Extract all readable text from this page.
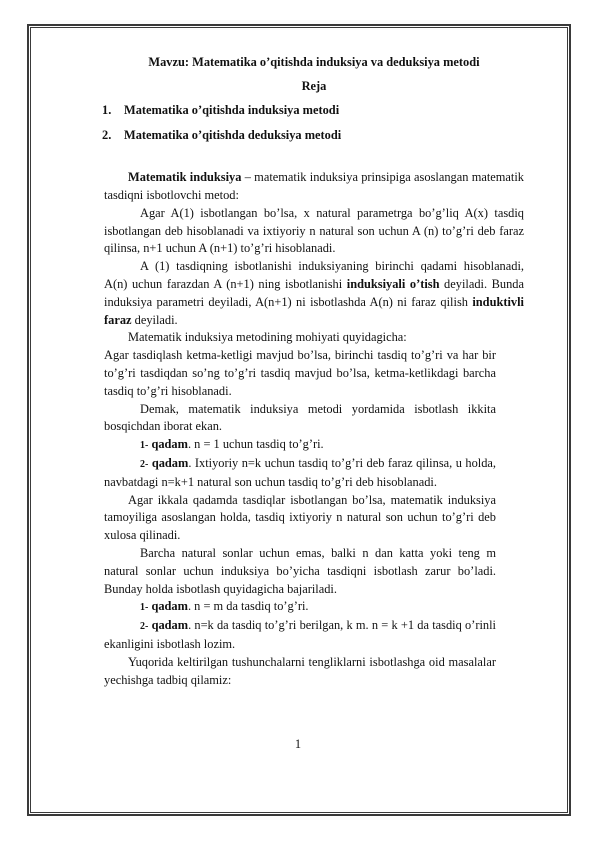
Mavzu: Matematika o’qitishda induksiya va deduksiya metodi
Reja
1.	Matematika o’qitishda induksiya metodi
2.	Matematika o’qitishda deduksiya metodi

Matematik induksiya – matematik induksiya prinsipiga asoslangan matematik tasdiqni isbotlovchi metod:

Agar A(1) isbotlangan bo’lsa, x natural parametrga bo’g’liq A(x) tasdiq isbotlangan deb hisoblanadi va ixtiyoriy n natural son uchun A (n) to’g’ri deb faraz qilinsa, n+1 uchun A (n+1) to’g’ri hisoblanadi.

A (1) tasdiqning isbotlanishi induksiyaning birinchi qadami hisoblanadi, A(n) uchun farazdan A (n+1) ning isbotlanishi induksiyali o’tish deyiladi. Bunda induksiya parametri deyiladi, A(n+1) ni isbotlashda A(n) ni faraz qilish induktivli faraz deyiladi.

Matematik induksiya metodining mohiyati quyidagicha:

Agar tasdiqlash ketma-ketligi mavjud bo’lsa, birinchi tasdiq to’g’ri va har bir to’g’ri tasdiqdan so’ng to’g’ri tasdiq mavjud bo’lsa, ketma-ketlikdagi barcha tasdiq to’g’ri hisoblanadi.

Demak, matematik induksiya metodi yordamida isbotlash ikkita bosqichdan iborat ekan.

1- qadam. n = 1 uchun tasdiq to’g’ri.

2- qadam. Ixtiyoriy n=k uchun tasdiq to’g’ri deb faraz qilinsa, u holda, navbatdagi n=k+1 natural son uchun tasdiq to’g’ri deb hisoblanadi.

Agar ikkala qadamda tasdiqlar isbotlangan bo’lsa, matematik induksiya tamoyiliga asoslangan holda, tasdiq ixtiyoriy n natural son uchun to’g’ri deb xulosa qilinadi.

Barcha natural sonlar uchun emas, balki n dan katta yoki teng m natural sonlar uchun induksiya bo’yicha tasdiqni isbotlash zarur bo’ladi. Bunday holda isbotlash quyidagicha bajariladi.

1- qadam. n = m da tasdiq to’g’ri.

2- qadam. n=k da tasdiq to’g’ri berilgan, k m. n = k +1 da tasdiq o’rinli ekanligini isbotlash lozim.

Yuqorida keltirilgan tushunchalarni tengliklarni isbotlashga oid masalalar yechishga tadbiq qilamiz:

1
